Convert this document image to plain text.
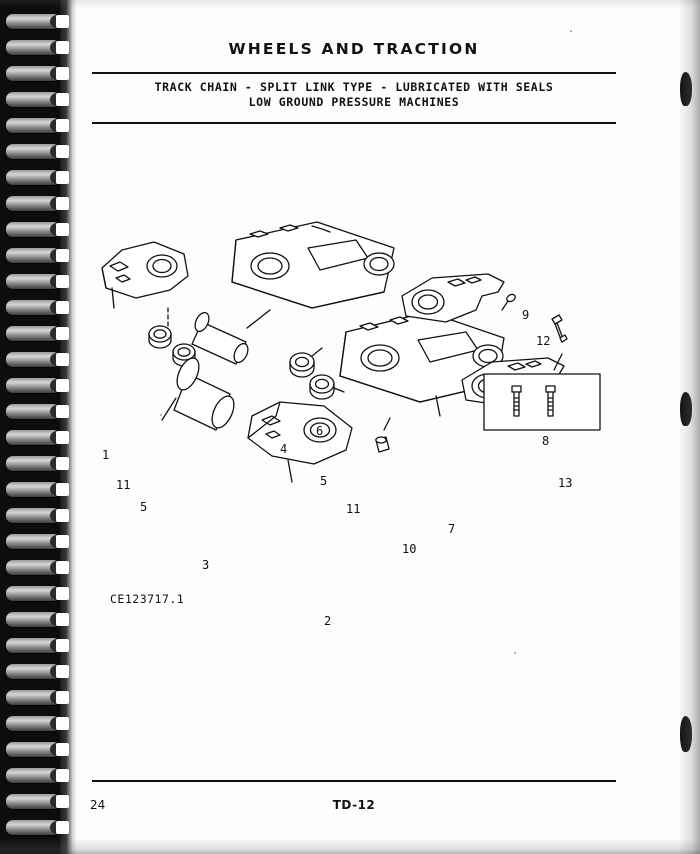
WHEELS AND TRACTION
TRACK CHAIN - SPLIT LINK TYPE - LUBRICATED WITH SEALS
LOW GROUND PRESSURE MACHINES
1
11
5
3
2
4
5
11
6
7
10
9
12
8
13
CE123717.1
24	TD-12
